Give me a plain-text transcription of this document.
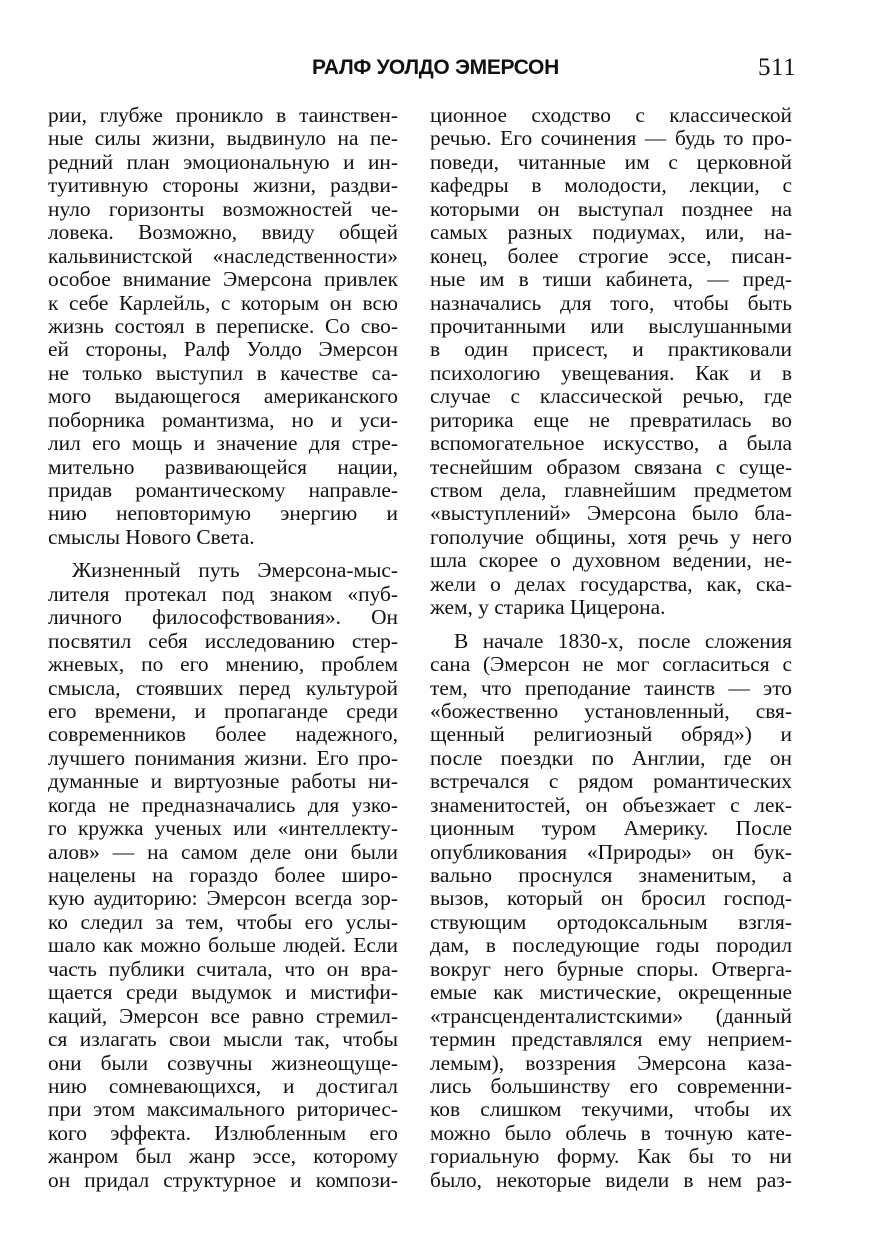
РАЛФ УОЛДО ЭМЕРСОН	511
рии, глубже проникло в таинствен-
ные силы жизни, выдвинуло на пе-
редний план эмоциональную и ин-
туитивную стороны жизни, раздви-
нуло горизонты возможностей че-
ловека. Возможно, ввиду общей
кальвинистской «наследственности»
особое внимание Эмерсона привлек
к себе Карлейль, с которым он всю
жизнь состоял в переписке. Со сво-
ей стороны, Ралф Уолдо Эмерсон
не только выступил в качестве са-
мого выдающегося американского
поборника романтизма, но и уси-
лил его мощь и значение для стре-
мительно развивающейся нации,
придав романтическому направле-
нию неповторимую энергию и
смыслы Нового Света.
Жизненный путь Эмерсона-мыс-
лителя протекал под знаком «пуб-
личного философствования». Он
посвятил себя исследованию стер-
жневых, по его мнению, проблем
смысла, стоявших перед культурой
его времени, и пропаганде среди
современников более надежного,
лучшего понимания жизни. Его про-
думанные и виртуозные работы ни-
когда не предназначались для узко-
го кружка ученых или «интеллекту-
алов» — на самом деле они были
нацелены на гораздо более широ-
кую аудиторию: Эмерсон всегда зор-
ко следил за тем, чтобы его услы-
шало как можно больше людей. Если
часть публики считала, что он вра-
щается среди выдумок и мистифи-
каций, Эмерсон все равно стремил-
ся излагать свои мысли так, чтобы
они были созвучны жизнеощуще-
нию сомневающихся, и достигал
при этом максимального риторичес-
кого эффекта. Излюбленным его
жанром был жанр эссе, которому
он придал структурное и компози-
ционное сходство с классической
речью. Его сочинения — будь то про-
поведи, читанные им с церковной
кафедры в молодости, лекции, с
которыми он выступал позднее на
самых разных подиумах, или, на-
конец, более строгие эссе, писан-
ные им в тиши кабинета, — пред-
назначались для того, чтобы быть
прочитанными или выслушанными
в один присест, и практиковали
психологию увещевания. Как и в
случае с классической речью, где
риторика еще не превратилась во
вспомогательное искусство, а была
теснейшим образом связана с суще-
ством дела, главнейшим предметом
«выступлений» Эмерсона было бла-
гополучие общины, хотя речь у него
шла скорее о духовном ве́дении, не-
жели о делах государства, как, ска-
жем, у старика Цицерона.
В начале 1830-х, после сложения
сана (Эмерсон не мог согласиться с
тем, что преподание таинств — это
«божественно установленный, свя-
щенный религиозный обряд») и
после поездки по Англии, где он
встречался с рядом романтических
знаменитостей, он объезжает с лек-
ционным туром Америку. После
опубликования «Природы» он бук-
вально проснулся знаменитым, а
вызов, который он бросил господ-
ствующим ортодоксальным взгля-
дам, в последующие годы породил
вокруг него бурные споры. Отверга-
емые как мистические, окрещенные
«трансценденталистскими» (данный
термин представлялся ему неприем-
лемым), воззрения Эмерсона каза-
лись большинству его современни-
ков слишком текучими, чтобы их
можно было облечь в точную кате-
гориальную форму. Как бы то ни
было, некоторые видели в нем раз-
